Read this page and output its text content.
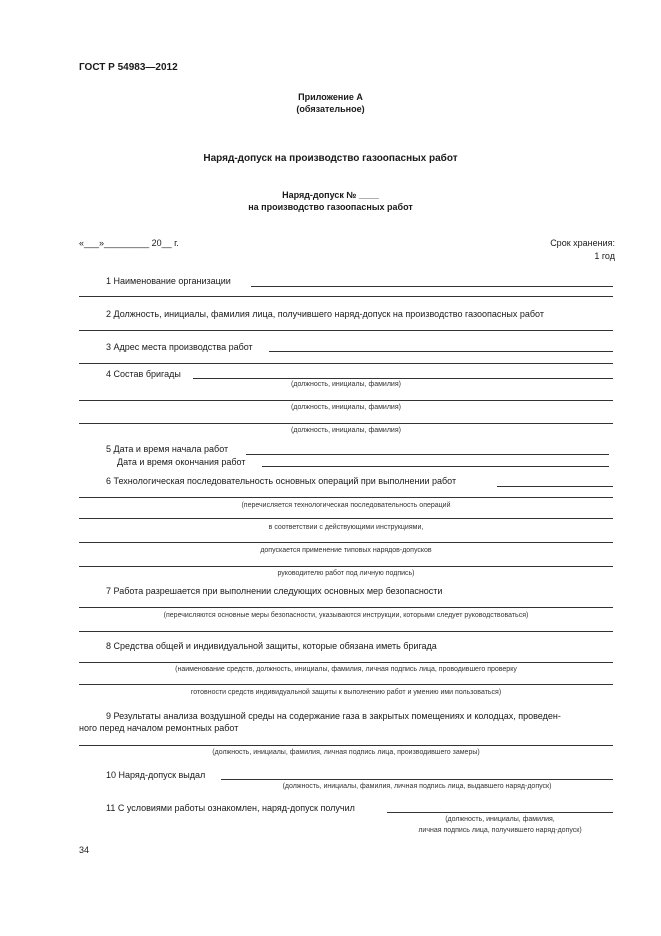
ГОСТ Р 54983—2012
Приложение А
(обязательное)
Наряд-допуск на производство газоопасных работ
Наряд-допуск № ____
на производство газоопасных работ
«___»_________ 20__ г.	Срок хранения:
1 год
1 Наименование организации
2 Должность, инициалы, фамилия лица, получившего наряд-допуск на производство газоопасных работ
3 Адрес места производства работ
4 Состав бригады
(должность, инициалы, фамилия)
(должность, инициалы, фамилия)
(должность, инициалы, фамилия)
5 Дата и время начала работ
Дата и время окончания работ
6 Технологическая последовательность основных операций при выполнении работ
(перечисляется технологическая последовательность операций
в соответствии с действующими инструкциями,
допускается применение типовых нарядов-допусков
руководителю работ под личную подпись)
7 Работа разрешается при выполнении следующих основных мер безопасности
(перечисляются основные меры безопасности, указываются инструкции, которыми следует руководствоваться)
8 Средства общей и индивидуальной защиты, которые обязана иметь бригада
(наименование средств, должность, инициалы, фамилия, личная подпись лица, проводившего проверку
готовности средств индивидуальной защиты к выполнению работ и умению ими пользоваться)
9 Результаты анализа воздушной среды на содержание газа в закрытых помещениях и колодцах, проведен-
ного перед началом ремонтных работ
(должность, инициалы, фамилия, личная подпись лица, производившего замеры)
10 Наряд-допуск выдал
(должность, инициалы, фамилия, личная подпись лица, выдавшего наряд-допуск)
11 С условиями работы ознакомлен, наряд-допуск получил
(должность, инициалы, фамилия,
личная подпись лица, получившего наряд-допуск)
34
